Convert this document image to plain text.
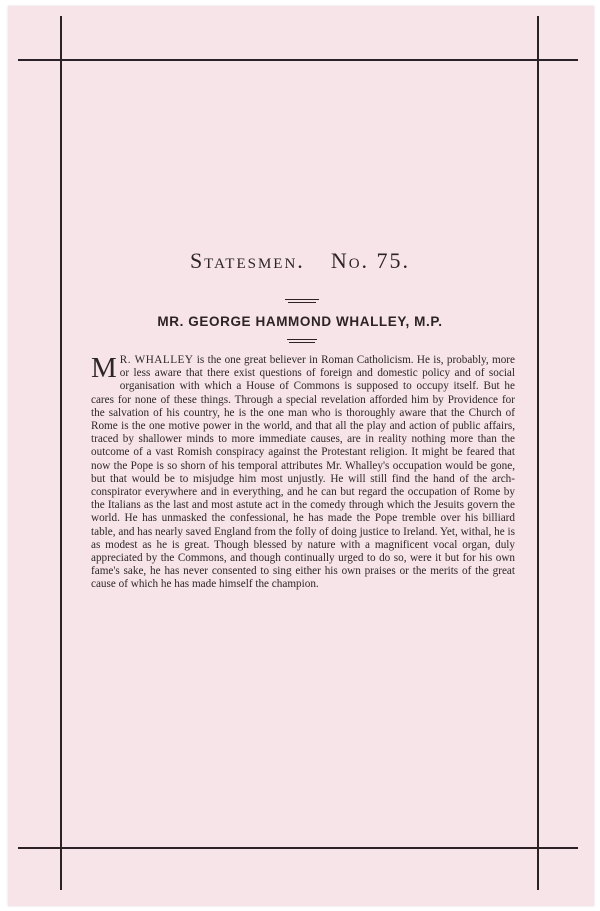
Statesmen. No. 75.
MR. GEORGE HAMMOND WHALLEY, M.P.
M R. WHALLEY is the one great believer in Roman Catholicism. He is, probably, more or less aware that there exist questions of foreign and domestic policy and of social organisation with which a House of Commons is supposed to occupy itself. But he cares for none of these things. Through a special revelation afforded him by Providence for the salvation of his country, he is the one man who is thoroughly aware that the Church of Rome is the one motive power in the world, and that all the play and action of public affairs, traced by shallower minds to more immediate causes, are in reality nothing more than the outcome of a vast Romish conspiracy against the Protestant religion. It might be feared that now the Pope is so shorn of his temporal attributes Mr. Whalley's occupation would be gone, but that would be to misjudge him most unjustly. He will still find the hand of the arch-conspirator everywhere and in everything, and he can but regard the occupation of Rome by the Italians as the last and most astute act in the comedy through which the Jesuits govern the world. He has unmasked the confessional, he has made the Pope tremble over his billiard table, and has nearly saved England from the folly of doing justice to Ireland. Yet, withal, he is as modest as he is great. Though blessed by nature with a magnificent vocal organ, duly appreciated by the Commons, and though continually urged to do so, were it but for his own fame's sake, he has never consented to sing either his own praises or the merits of the great cause of which he has made himself the champion.
